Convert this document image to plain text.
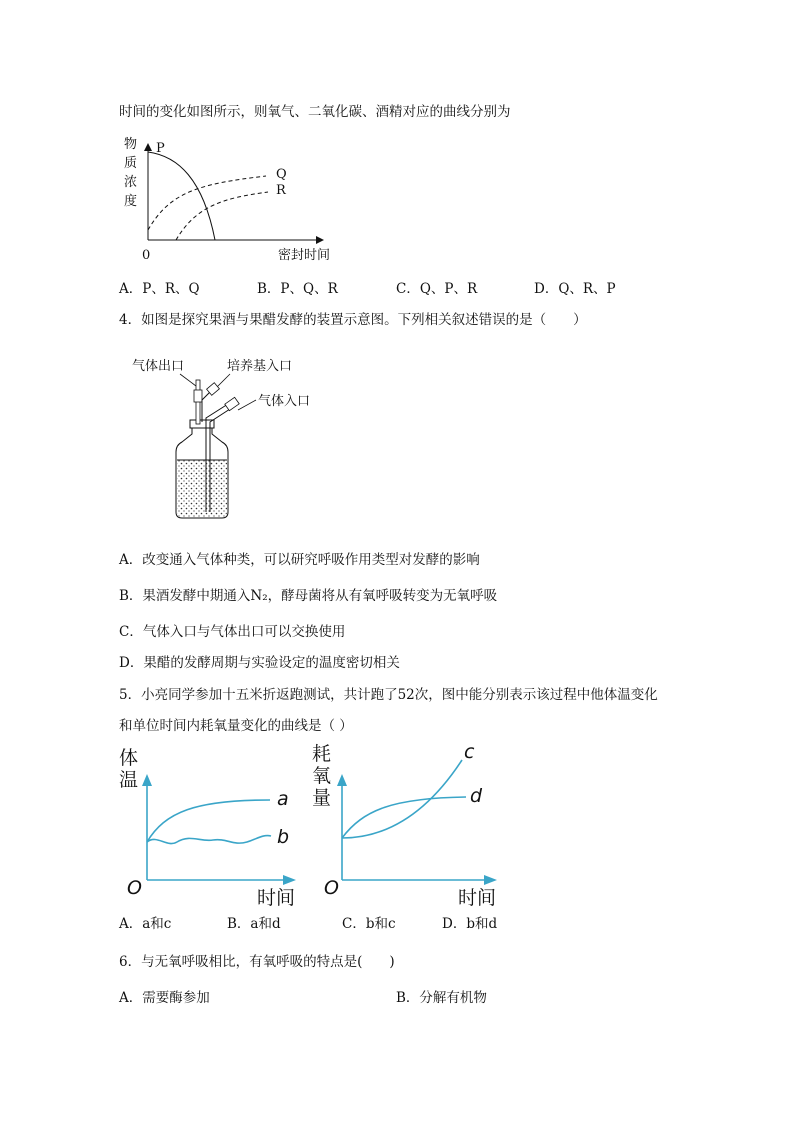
时间的变化如图所示，则氧气、二氧化碳、酒精对应的曲线分别为
物
质
浓
度
0	密封时间
P
Q
R
A．P、R、Q	B．P、Q、R	C．Q、P、R	D．Q、R、P
4．如图是探究果酒与果醋发酵的装置示意图。下列相关叙述错误的是（　　）
气体出口	培养基入口
气体入口
A．改变通入气体种类，可以研究呼吸作用类型对发酵的影响
B．果酒发酵中期通入N₂，酵母菌将从有氧呼吸转变为无氧呼吸
C．气体入口与气体出口可以交换使用
D．果醋的发酵周期与实验设定的温度密切相关
5．小亮同学参加十五米折返跑测试，共计跑了52次，图中能分别表示该过程中他体温变化
和单位时间内耗氧量变化的曲线是（ ）
体
温
O	时间
a
b
耗
氧
量
O	时间
c
d
A．a和c	B．a和d	C．b和c	D．b和d
6．与无氧呼吸相比，有氧呼吸的特点是(　　)
A．需要酶参加	B．分解有机物
